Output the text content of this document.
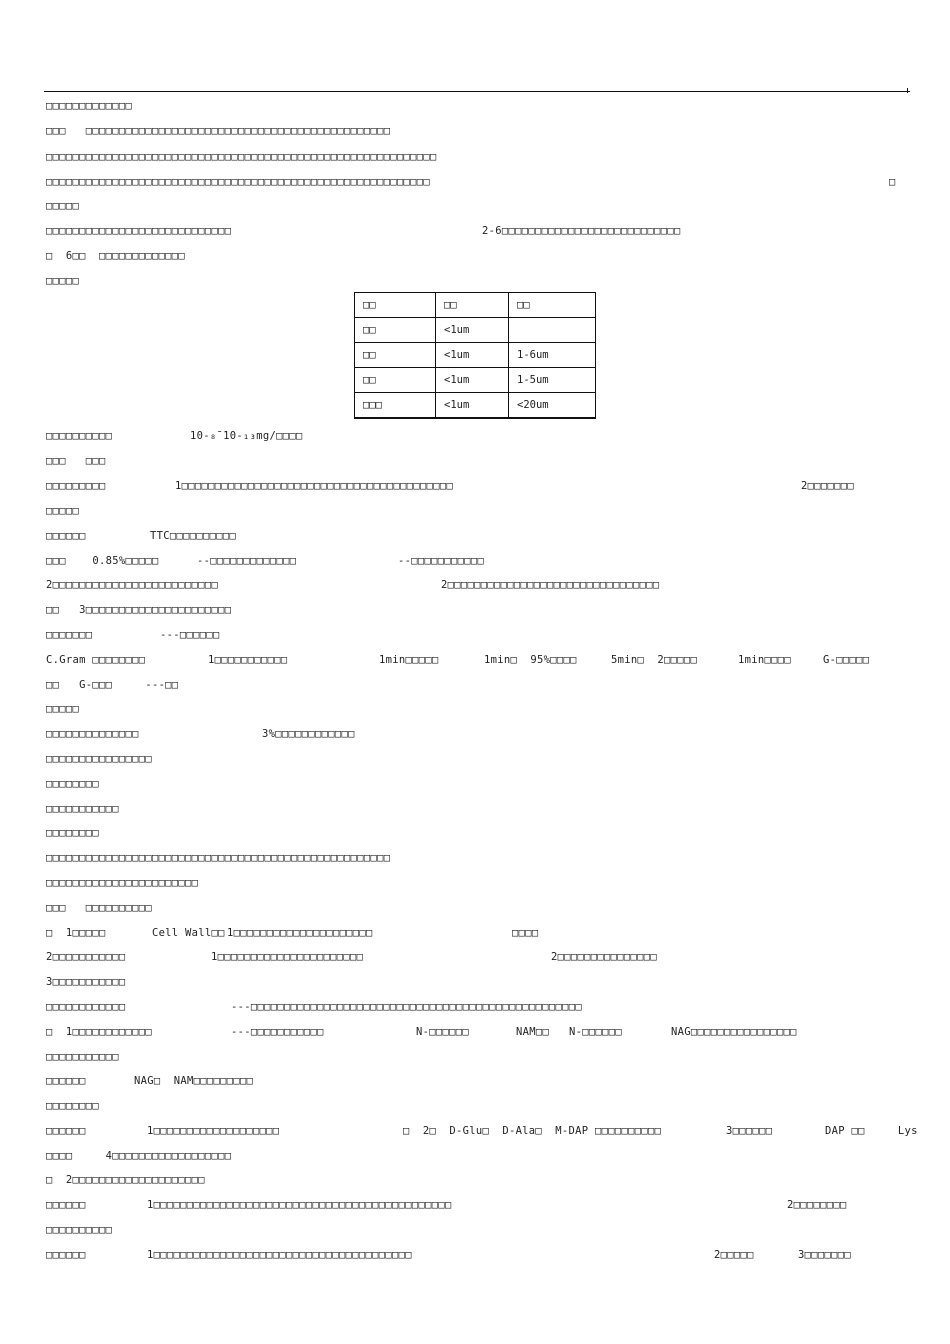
□□□□□□□□□□□□□
□□□   □□□□□□□□□□□□□□□□□□□□□□□□□□□□□□□□□□□□□□□□□□□□□□
□□□□□□□□□□□□□□□□□□□□□□□□□□□□□□□□□□□□□□□□□□□□□□□□□□□□□□□□□□□

□□□□□□□□□□□□□□□□□□□□□□□□□□□□□□□□□□□□□□□□□□□□□□□□□□□□□□□□□□

	□

□□□□□

□□□□□□□□□□□□□□□□□□□□□□□□□□□□

	2-6□□□□□□□□□□□□□□□□□□□□□□□□□□□

□  6□□  □□□□□□□□□□□□□
□□□□□
□□	□□	□□
□□	<1um	
□□	<1um	1-6um
□□	<1um	1-5um
□□□	<1um	<20um

□□□□□□□□□□

	10-₈¯10-₁₃mg/□□□□

□□□   □□□

□□□□□□□□□

	1□□□□□□□□□□□□□□□□□□□□□□□□□□□□□□□□□□□□□□□□□

	2□□□□□□□

□□□□□

□□□□□□

	TTC□□□□□□□□□□

□□□    0.85%□□□□□

	--□□□□□□□□□□□□□

	--□□□□□□□□□□□

2□□□□□□□□□□□□□□□□□□□□□□□□□

	2□□□□□□□□□□□□□□□□□□□□□□□□□□□□□□□□

□□   3□□□□□□□□□□□□□□□□□□□□□□

□□□□□□□

	---□□□□□□

C.Gram □□□□□□□□

	1□□□□□□□□□□□

	1min□□□□□

	1min□  95%□□□□

	5min□  2□□□□□

	1min□□□□

	G-□□□□□

□□   G-□□□     ---□□
□□□□□

□□□□□□□□□□□□□□

	3%□□□□□□□□□□□□

□□□□□□□□□□□□□□□□
□□□□□□□□
□□□□□□□□□□□
□□□□□□□□
□□□□□□□□□□□□□□□□□□□□□□□□□□□□□□□□□□□□□□□□□□□□□□□□□□□□
□□□□□□□□□□□□□□□□□□□□□□□
□□□   □□□□□□□□□□

□  1□□□□□       Cell Wall□□

1□□□□□□□□□□□□□□□□□□□□□

	□□□□

2□□□□□□□□□□□

	1□□□□□□□□□□□□□□□□□□□□□□

	2□□□□□□□□□□□□□□□

3□□□□□□□□□□□

□□□□□□□□□□□□

	---□□□□□□□□□□□□□□□□□□□□□□□□□□□□□□□□□□□□□□□□□□□□□□□□□□

□  1□□□□□□□□□□□□

	---□□□□□□□□□□□

	N-□□□□□□

	NAM□□   N-□□□□□□

	NAG□□□□□□□□□□□□□□□□

□□□□□□□□□□□

□□□□□□

	NAG□  NAM□□□□□□□□□

□□□□□□□□

□□□□□□

	1□□□□□□□□□□□□□□□□□□□

	□  2□  D-Glu□  D-Ala□  M-DAP □□□□□□□□□□

	3□□□□□□

	DAP □□     Lys

□□□□     4□□□□□□□□□□□□□□□□□□
□  2□□□□□□□□□□□□□□□□□□□□

□□□□□□

	1□□□□□□□□□□□□□□□□□□□□□□□□□□□□□□□□□□□□□□□□□□□□□

	2□□□□□□□□

□□□□□□□□□□

□□□□□□

	1□□□□□□□□□□□□□□□□□□□□□□□□□□□□□□□□□□□□□□□

	2□□□□□

	3□□□□□□□
